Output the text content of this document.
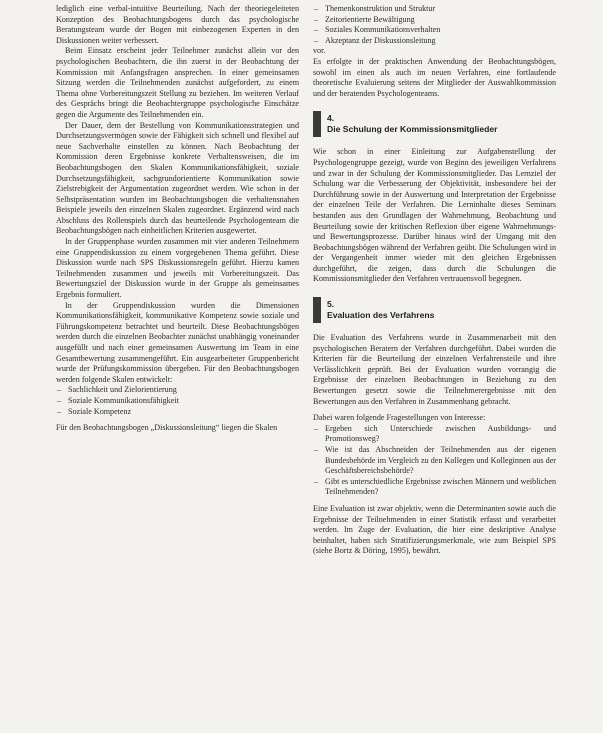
lediglich eine verbal-intuitive Beurteilung. Nach der theoriegeleiteten Konzeption des Beobachtungsbogens durch das psychologische Beratungsteam wurde der Bogen mit einbezogenen Experten in den Diskussionen weiter verbessert.

Beim Einsatz erscheint jeder Teilnehmer zunächst allein vor den psychologischen Beobachtern, die ihn zuerst in der Beobachtung der Kommission mit Anfangsfragen ansprechen. In einer gemeinsamen Sitzung werden die Teilnehmenden zunächst aufgefordert, zu einem Thema ohne Vorbereitungszeit Stellung zu beziehen. Im weiteren Verlauf des Gesprächs bringt die Beobachtergruppe psychologische Einschätze gegen die Argumente des Teilnehmenden ein.

Der Dauer, dem der Bestellung von Kommunikationsstrategien und Durchsetzungsvermögen sowie der Fähigkeit sich schnell und flexibel auf neue Sachverhalte einstellen zu können. Nach Beobachtung der Kommission deren Ergebnisse konkrete Verhaltensweisen, die im Beobachtungsbogen den Skalen Kommunikationsfähigkeit, soziale Durchsetzungsfähigkeit, sachgrundorientierte Kommunikation sowie Zielstrebigkeit der Argumentation zugeordnet werden. Wie schon in der Selbstpräsentation wurden im Beobachtungsbogen die verhaltensnahen Beispiele jeweils den einzelnen Skalen zugeordnet. Ergänzend wird nach Abschluss des Rollenspiels durch das beurteilende Psychologenteam die Beobachtungsbögen nach einheitlichen Kriterien ausgewertet.

In der Gruppenphase wurden zusammen mit vier anderen Teilnehmern eine Gruppendiskussion zu einem vorgegebenen Thema geführt. Diese Diskussion wurde nach SPS Diskussionsregeln geführt. Hierzu kamen Teilnehmenden zusammen und jeweils mit Vorbereitungszeit. Das Bewertungsziel der Diskussion wurde in der Gruppe als gemeinsames Ergebnis formuliert.

In der Gruppendiskussion wurden die Dimensionen Kommunikationsfähigkeit, kommunikative Kompetenz sowie soziale und Führungskompetenz betrachtet und beurteilt. Diese Beobachtungsbögen werden durch die einzelnen Beobachter zunächst unabhängig voneinander ausgefüllt und nach einer gemeinsamen Auswertung im Team in eine Gesamtbewertung zusammengeführt. Ein ausgearbeiteter Gruppenbericht wurde der Prüfungskommission übergeben. Für den Beobachtungsbogen werden folgende Skalen entwickelt:

– Sachlichkeit und Zielorientierung
– Soziale Kommunikationsfähigkeit
– Soziale Kompetenz

Für den Beobachtungsbogen „Diskussionsleitung“ liegen die Skalen

– Themenkonstruktion und Struktur
– Zeitorientierte Bewältigung
– Soziales Kommunikationsverhalten
– Akzeptanz der Diskussionsleitung

vor.

Es erfolgte in der praktischen Anwendung der Beobachtungsbögen, sowohl im einen als auch im neuen Verfahren, eine fortlaufende theoretische Evaluierung seitens der Mitglieder der Auswahlkommission und der beratenden Psychologenteams.

4.
Die Schulung der Kommissionsmitglieder

Wie schon in einer Einleitung zur Aufgabenstellung der Psychologengruppe gezeigt, wurde von Beginn des jeweiligen Verfahrens und zwar in der Schulung der Kommissionsmitglieder. Das Lernziel der Schulung war die Verbesserung der Objektivität, insbesondere bei der Durchführung sowie in der Auswertung und Interpretation der Ergebnisse der einzelnen Teile der Verfahren. Die Lerninhalte dieses Seminars bestanden aus den Grundlagen der Wahrnehmung, Beobachtung und Beurteilung sowie der kritischen Reflexion über eigene Wahrnehmungs- und Bewertungsprozesse. Darüber hinaus wird der Umgang mit den Beobachtungsbögen während der Verfahren geübt. Die Schulungen wird in der Vergangenheit immer wieder mit den gleichen Ergebnissen durchgeführt, die zeigen, dass durch die Schulungen die Kommissionsmitglieder den Verfahren vertrauensvoll begegnen.

5.
Evaluation des Verfahrens

Die Evaluation des Verfahrens wurde in Zusammenarbeit mit den psychologischen Beratern der Verfahren durchgeführt. Dabei wurden die Kriterien für die Beurteilung der einzelnen Verfahrensteile und ihre Verlässlichkeit geprüft. Bei der Evaluation wurden vorrangig die Ergebnisse der einzelnen Beobachtungen in Beziehung zu den Bewertungen gesetzt sowie die Teilnehmerergebnisse mit den Bewertungen aus den Verfahren in Zusammenhang gebracht.

Dabei waren folgende Fragestellungen von Interesse:

– Ergeben sich Unterschiede zwischen Ausbildungs- und Promotionsweg?
– Wie ist das Abschneiden der Teilnehmenden aus der eigenen Bundesbehörde im Vergleich zu den Kollegen und Kolleginnen aus der Geschäftsbereichsbehörde?
– Gibt es unterschiedliche Ergebnisse zwischen Männern und weiblichen Teilnehmenden?

Eine Evaluation ist zwar objektiv, wenn die Determinanten sowie auch die Ergebnisse der Teilnehmenden in einer Statistik erfasst und verarbeitet werden. Im Zuge der Evaluation, die hier eine deskriptive Analyse beinhaltet, haben sich Stratifizierungsmerkmale, wie zum Beispiel SPS (siehe Bortz & Döring, 1995), bewährt.
